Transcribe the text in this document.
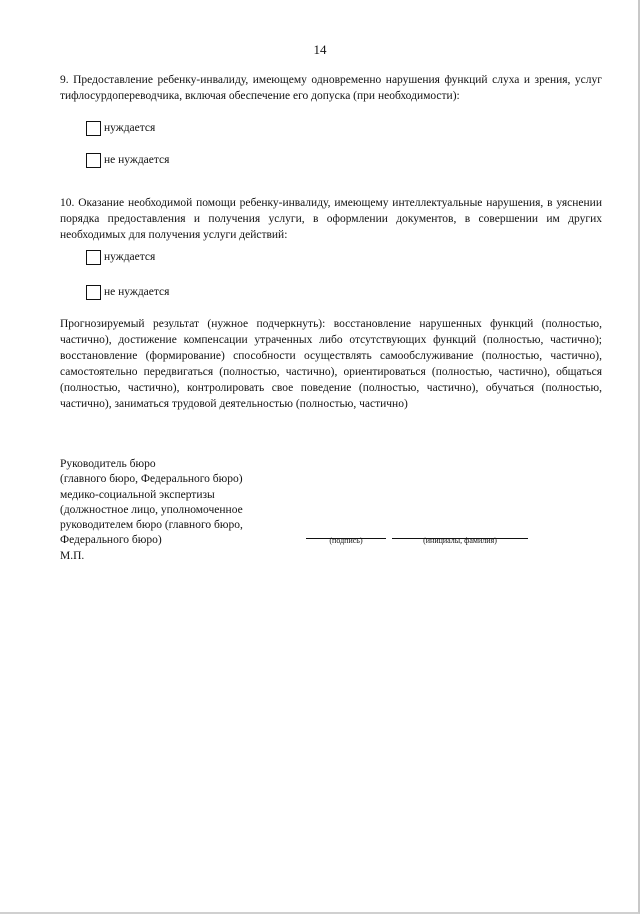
14
9. Предоставление ребенку-инвалиду, имеющему одновременно нарушения функций слуха и зрения, услуг тифлосурдопереводчика, включая обеспечение его допуска (при необходимости):
нуждается
не нуждается
10. Оказание необходимой помощи ребенку-инвалиду, имеющему интеллектуальные нарушения, в уяснении порядка предоставления и получения услуги, в оформлении документов, в совершении им других необходимых для получения услуги действий:
нуждается
не нуждается
Прогнозируемый результат (нужное подчеркнуть): восстановление нарушенных функций (полностью, частично), достижение компенсации утраченных либо отсутствующих функций (полностью, частично); восстановление (формирование) способности осуществлять самообслуживание (полностью, частично), самостоятельно передвигаться (полностью, частично), ориентироваться (полностью, частично), общаться (полностью, частично), контролировать свое поведение (полностью, частично), обучаться (полностью, частично), заниматься трудовой деятельностью (полностью, частично)
Руководитель бюро
(главного бюро, Федерального бюро)
медико-социальной экспертизы
(должностное лицо, уполномоченное
руководителем бюро (главного бюро,
Федерального бюро)	(подпись)	(инициалы, фамилия)
М.П.
